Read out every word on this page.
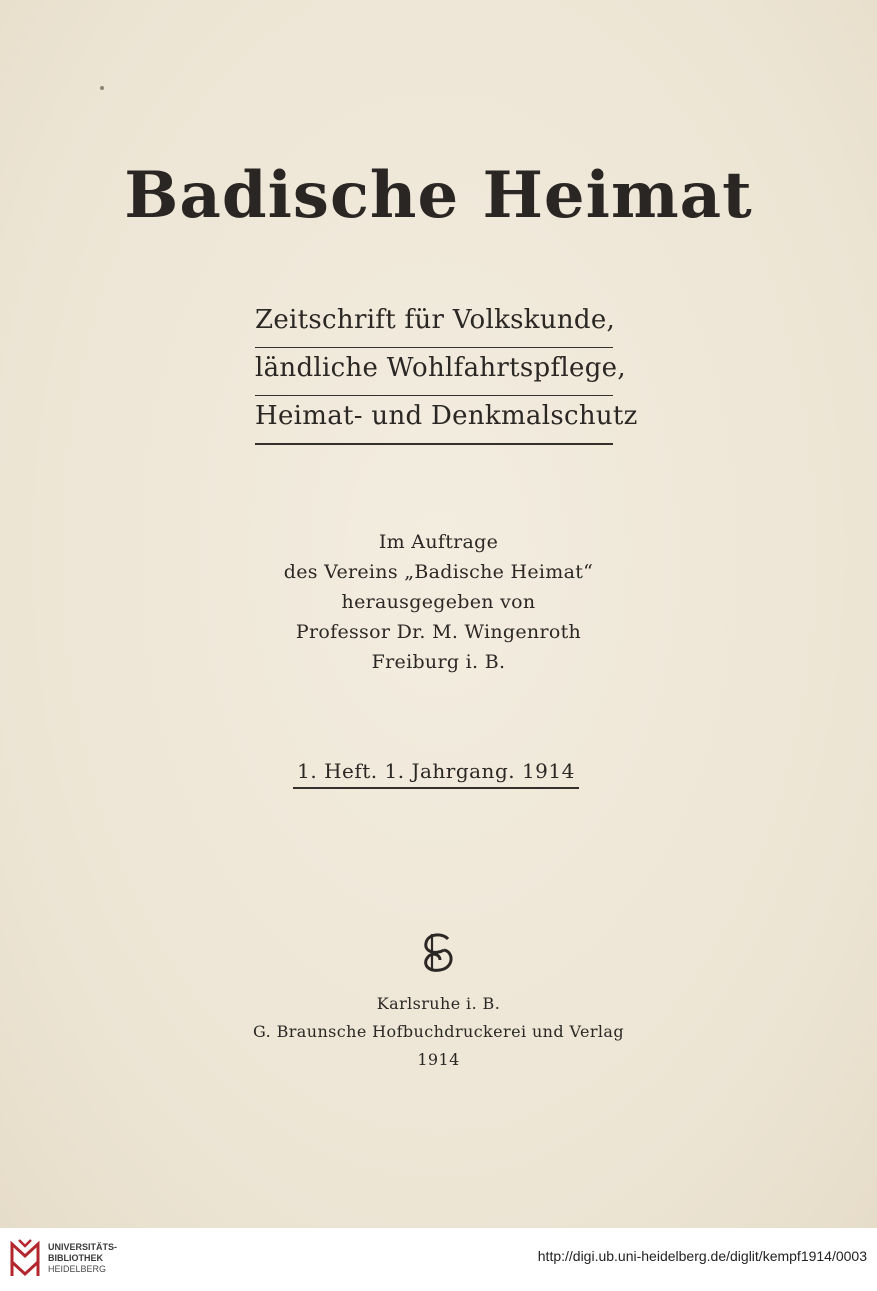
Badische Heimat
Zeitschrift für Volkskunde,
ländliche Wohlfahrtspflege,
Heimat- und Denkmalschutz
Im Auftrage
des Vereins „Badische Heimat“
herausgegeben von
Professor Dr. M. Wingenroth
Freiburg i. B.
1. Heft. 1. Jahrgang. 1914
Karlsruhe i. B.
G. Braunsche Hofbuchdruckerei und Verlag
1914
UNIVERSITÄTS-
BIBLIOTHEK
HEIDELBERG
http://digi.ub.uni-heidelberg.de/diglit/kempf1914/0003
